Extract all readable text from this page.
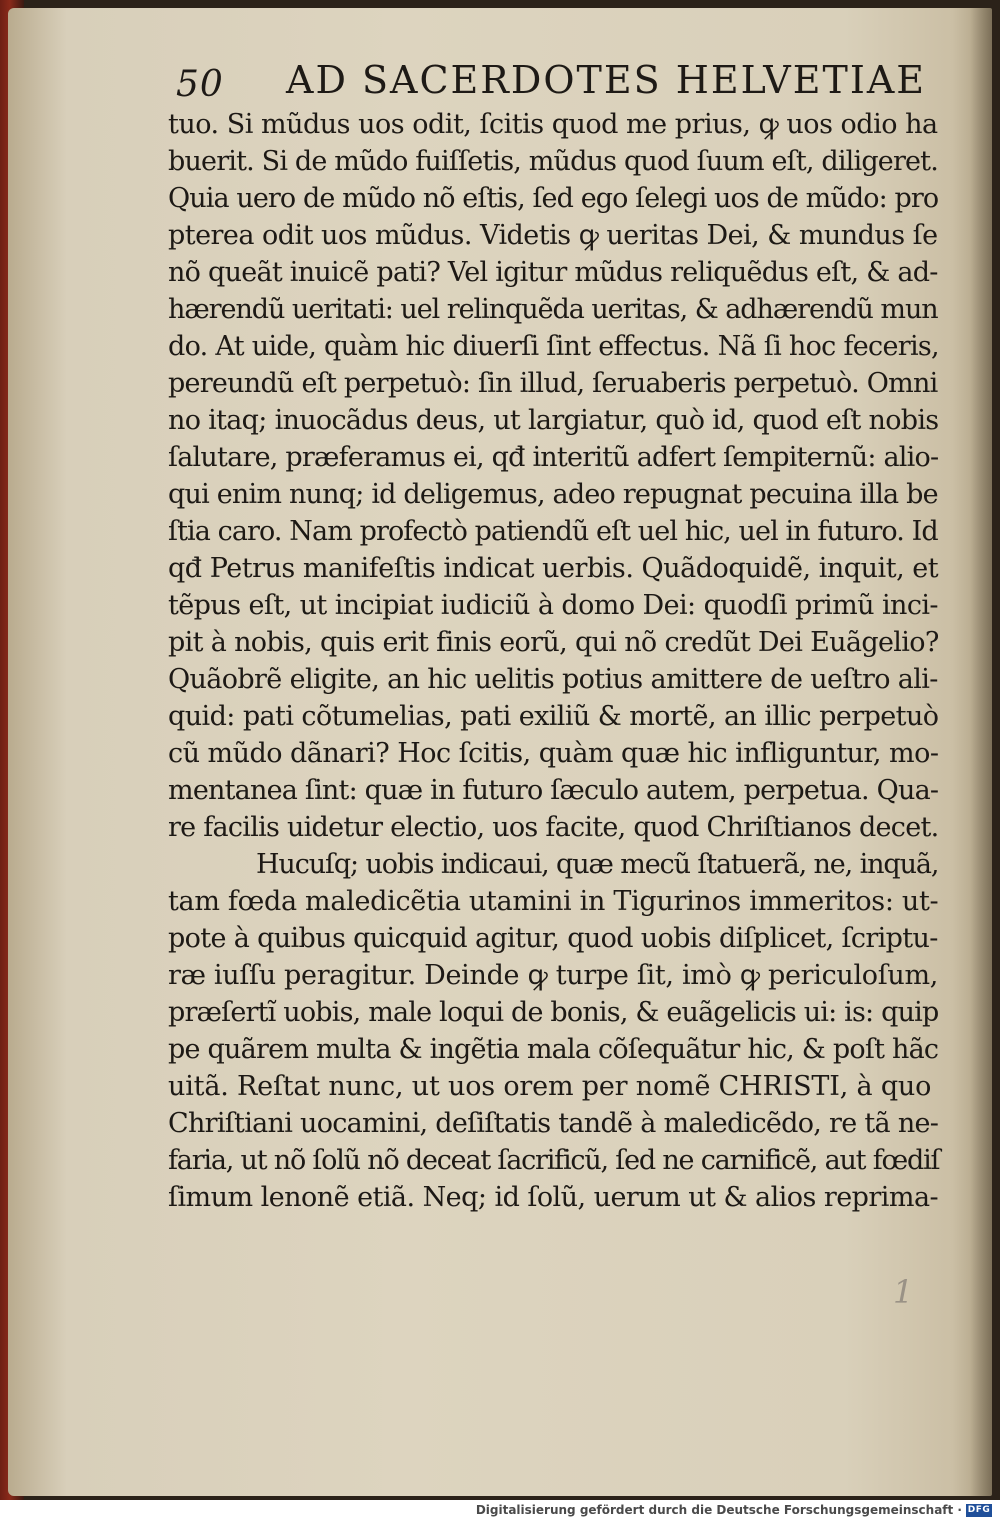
50 AD SACERDOTES HELVETIAE
tuo. Si mũdus uos odit, ſcitis quod me prius, ꝙ uos odio ha
buerit. Si de mũdo fuiſſetis, mũdus quod ſuum eſt, diligeret.
Quia uero de mũdo nõ eſtis, ſed ego ſelegi uos de mũdo: pro
pterea odit uos mũdus. Videtis ꝙ ueritas Dei, & mundus ſe
nõ queãt inuicẽ pati? Vel igitur mũdus reliquẽdus eſt, & ad-
hærendũ ueritati: uel relinquẽda ueritas, & adhærendũ mun
do. At uide, quàm hic diuerſi ſint effectus. Nã ſi hoc feceris,
pereundũ eſt perpetuò: ſin illud, ſeruaberis perpetuò. Omni
no itaq; inuocãdus deus, ut largiatur, quò id, quod eſt nobis
ſalutare, præferamus ei, qđ interitũ adfert ſempiternũ: alio-
qui enim nunq; id deligemus, adeo repugnat pecuina illa be
ſtia caro. Nam profectò patiendũ eſt uel hic, uel in futuro. Id
qđ Petrus manifeſtis indicat uerbis. Quãdoquidẽ, inquit, et
tẽpus eſt, ut incipiat iudiciũ à domo Dei: quodſi primũ inci-
pit à nobis, quis erit finis eorũ, qui nõ credũt Dei Euãgelio?
Quãobrẽ eligite, an hic uelitis potius amittere de ueſtro ali-
quid: pati cõtumelias, pati exiliũ & mortẽ, an illic perpetuò
cũ mũdo dãnari? Hoc ſcitis, quàm quæ hic infliguntur, mo-
mentanea ſint: quæ in futuro ſæculo autem, perpetua. Qua-
re facilis uidetur electio, uos facite, quod Chriſtianos decet.
Hucuſq; uobis indicaui, quæ mecũ ſtatuerã, ne, inquã,
tam fœda maledicẽtia utamini in Tigurinos immeritos: ut-
pote à quibus quicquid agitur, quod uobis diſplicet, ſcriptu-
ræ iuſſu peragitur. Deinde ꝙ turpe ſit, imò ꝙ periculoſum,
præſertĩ uobis, male loqui de bonis, & euãgelicis ui: is: quip
pe quãrem multa & ingẽtia mala cõſequãtur hic, & poſt hãc
uitã. Reſtat nunc, ut uos orem per nomẽ CHRISTI, à quo
Chriſtiani uocamini, deſiſtatis tandẽ à maledicẽdo, re tã ne-
faria, ut nõ ſolũ nõ deceat ſacrificũ, ſed ne carnificẽ, aut fœdiſ
ſimum lenonẽ etiã. Neq; id ſolũ, uerum ut & alios reprima-
1
Digitalisierung gefördert durch die Deutsche Forschungsgemeinschaft · DFG
